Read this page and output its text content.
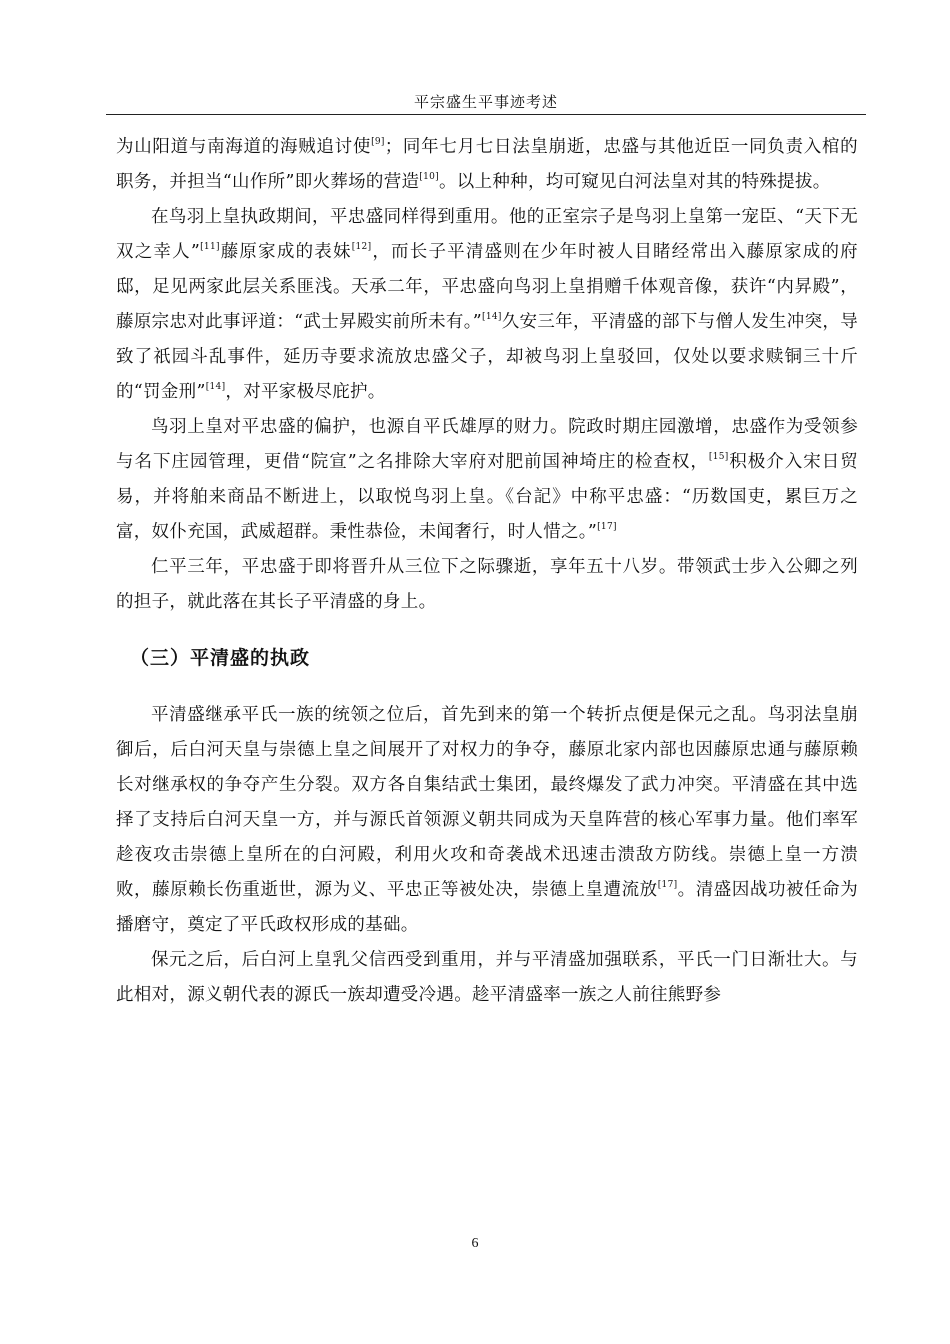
平宗盛生平事迹考述

为山阳道与南海道的海贼追讨使[9]；同年七月七日法皇崩逝，忠盛与其他近臣一同负责入棺的职务，并担当“山作所”即火葬场的营造[10]。以上种种，均可窥见白河法皇对其的特殊提拔。

在鸟羽上皇执政期间，平忠盛同样得到重用。他的正室宗子是鸟羽上皇第一宠臣、“天下无双之幸人”[11]藤原家成的表妹[12]，而长子平清盛则在少年时被人目睹经常出入藤原家成的府邸，足见两家此层关系匪浅。天承二年，平忠盛向鸟羽上皇捐赠千体观音像，获许“内昇殿”，藤原宗忠对此事评道：“武士昇殿实前所未有。”[14]久安三年，平清盛的部下与僧人发生冲突，导致了祇园斗乱事件，延历寺要求流放忠盛父子，却被鸟羽上皇驳回，仅处以要求赎铜三十斤的“罚金刑”[14]，对平家极尽庇护。

鸟羽上皇对平忠盛的偏护，也源自平氏雄厚的财力。院政时期庄园激增，忠盛作为受领参与名下庄园管理，更借“院宣”之名排除大宰府对肥前国神埼庄的检查权，[15]积极介入宋日贸易，并将舶来商品不断进上，以取悦鸟羽上皇。《台記》中称平忠盛：“历数国吏，累巨万之富，奴仆充国，武威超群。秉性恭俭，未闻奢行，时人惜之。”[17]

仁平三年，平忠盛于即将晋升从三位下之际骤逝，享年五十八岁。带领武士步入公卿之列的担子，就此落在其长子平清盛的身上。

（三）平清盛的执政

平清盛继承平氏一族的统领之位后，首先到来的第一个转折点便是保元之乱。鸟羽法皇崩御后，后白河天皇与崇德上皇之间展开了对权力的争夺，藤原北家内部也因藤原忠通与藤原赖长对继承权的争夺产生分裂。双方各自集结武士集团，最终爆发了武力冲突。平清盛在其中选择了支持后白河天皇一方，并与源氏首领源义朝共同成为天皇阵营的核心军事力量。他们率军趁夜攻击崇德上皇所在的白河殿，利用火攻和奇袭战术迅速击溃敌方防线。崇德上皇一方溃败，藤原赖长伤重逝世，源为义、平忠正等被处决，崇德上皇遭流放[17]。清盛因战功被任命为播磨守，奠定了平氏政权形成的基础。

保元之后，后白河上皇乳父信西受到重用，并与平清盛加强联系，平氏一门日渐壮大。与此相对，源义朝代表的源氏一族却遭受冷遇。趁平清盛率一族之人前往熊野参

6
